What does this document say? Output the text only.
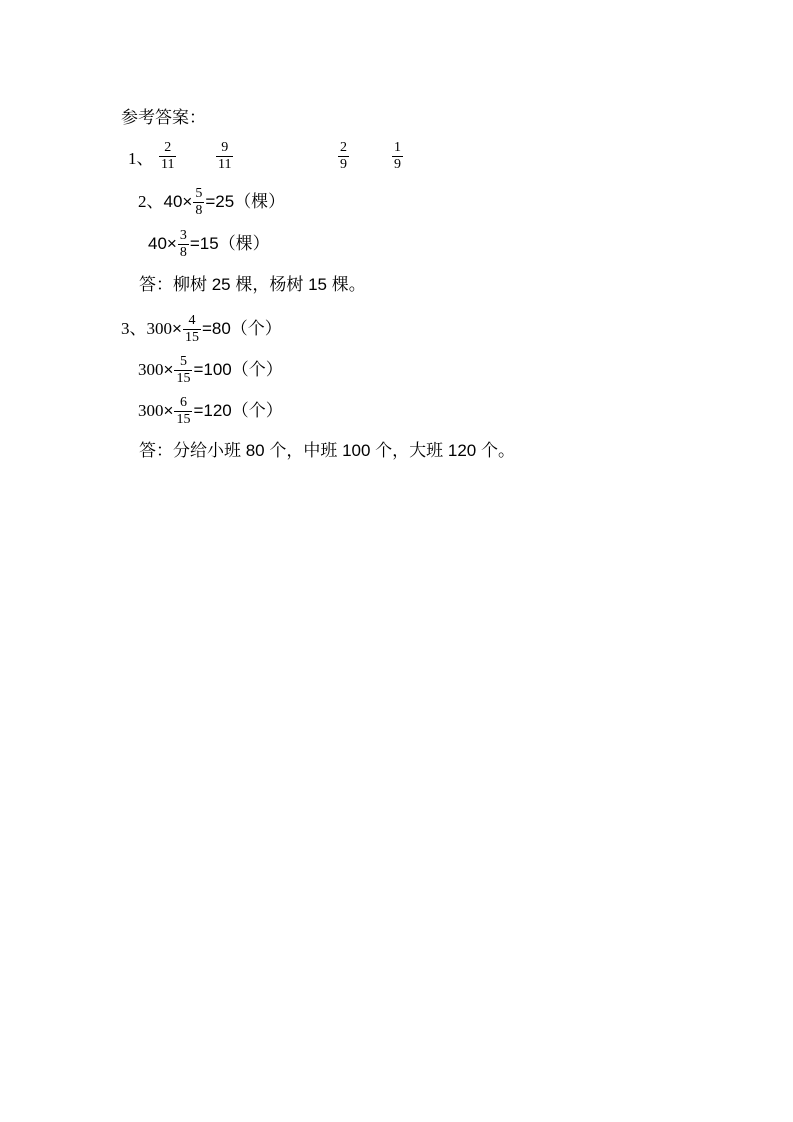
参考答案：
1、 $\frac{2}{11}$	$\frac{9}{11}$	$\frac{2}{9}$	$\frac{1}{9}$
2、$40\times \frac{5}{8} =25$（棵）
$40\times \frac{3}{8} =15$（棵）
答：柳树 25 棵，杨树 15 棵。
3、$300\times \frac{4}{15} =80$（个）
$300\times \frac{5}{15} =100$（个）
$300\times \frac{6}{15} =120$（个）
答：分给小班 80 个，中班 100 个，大班 120 个。
